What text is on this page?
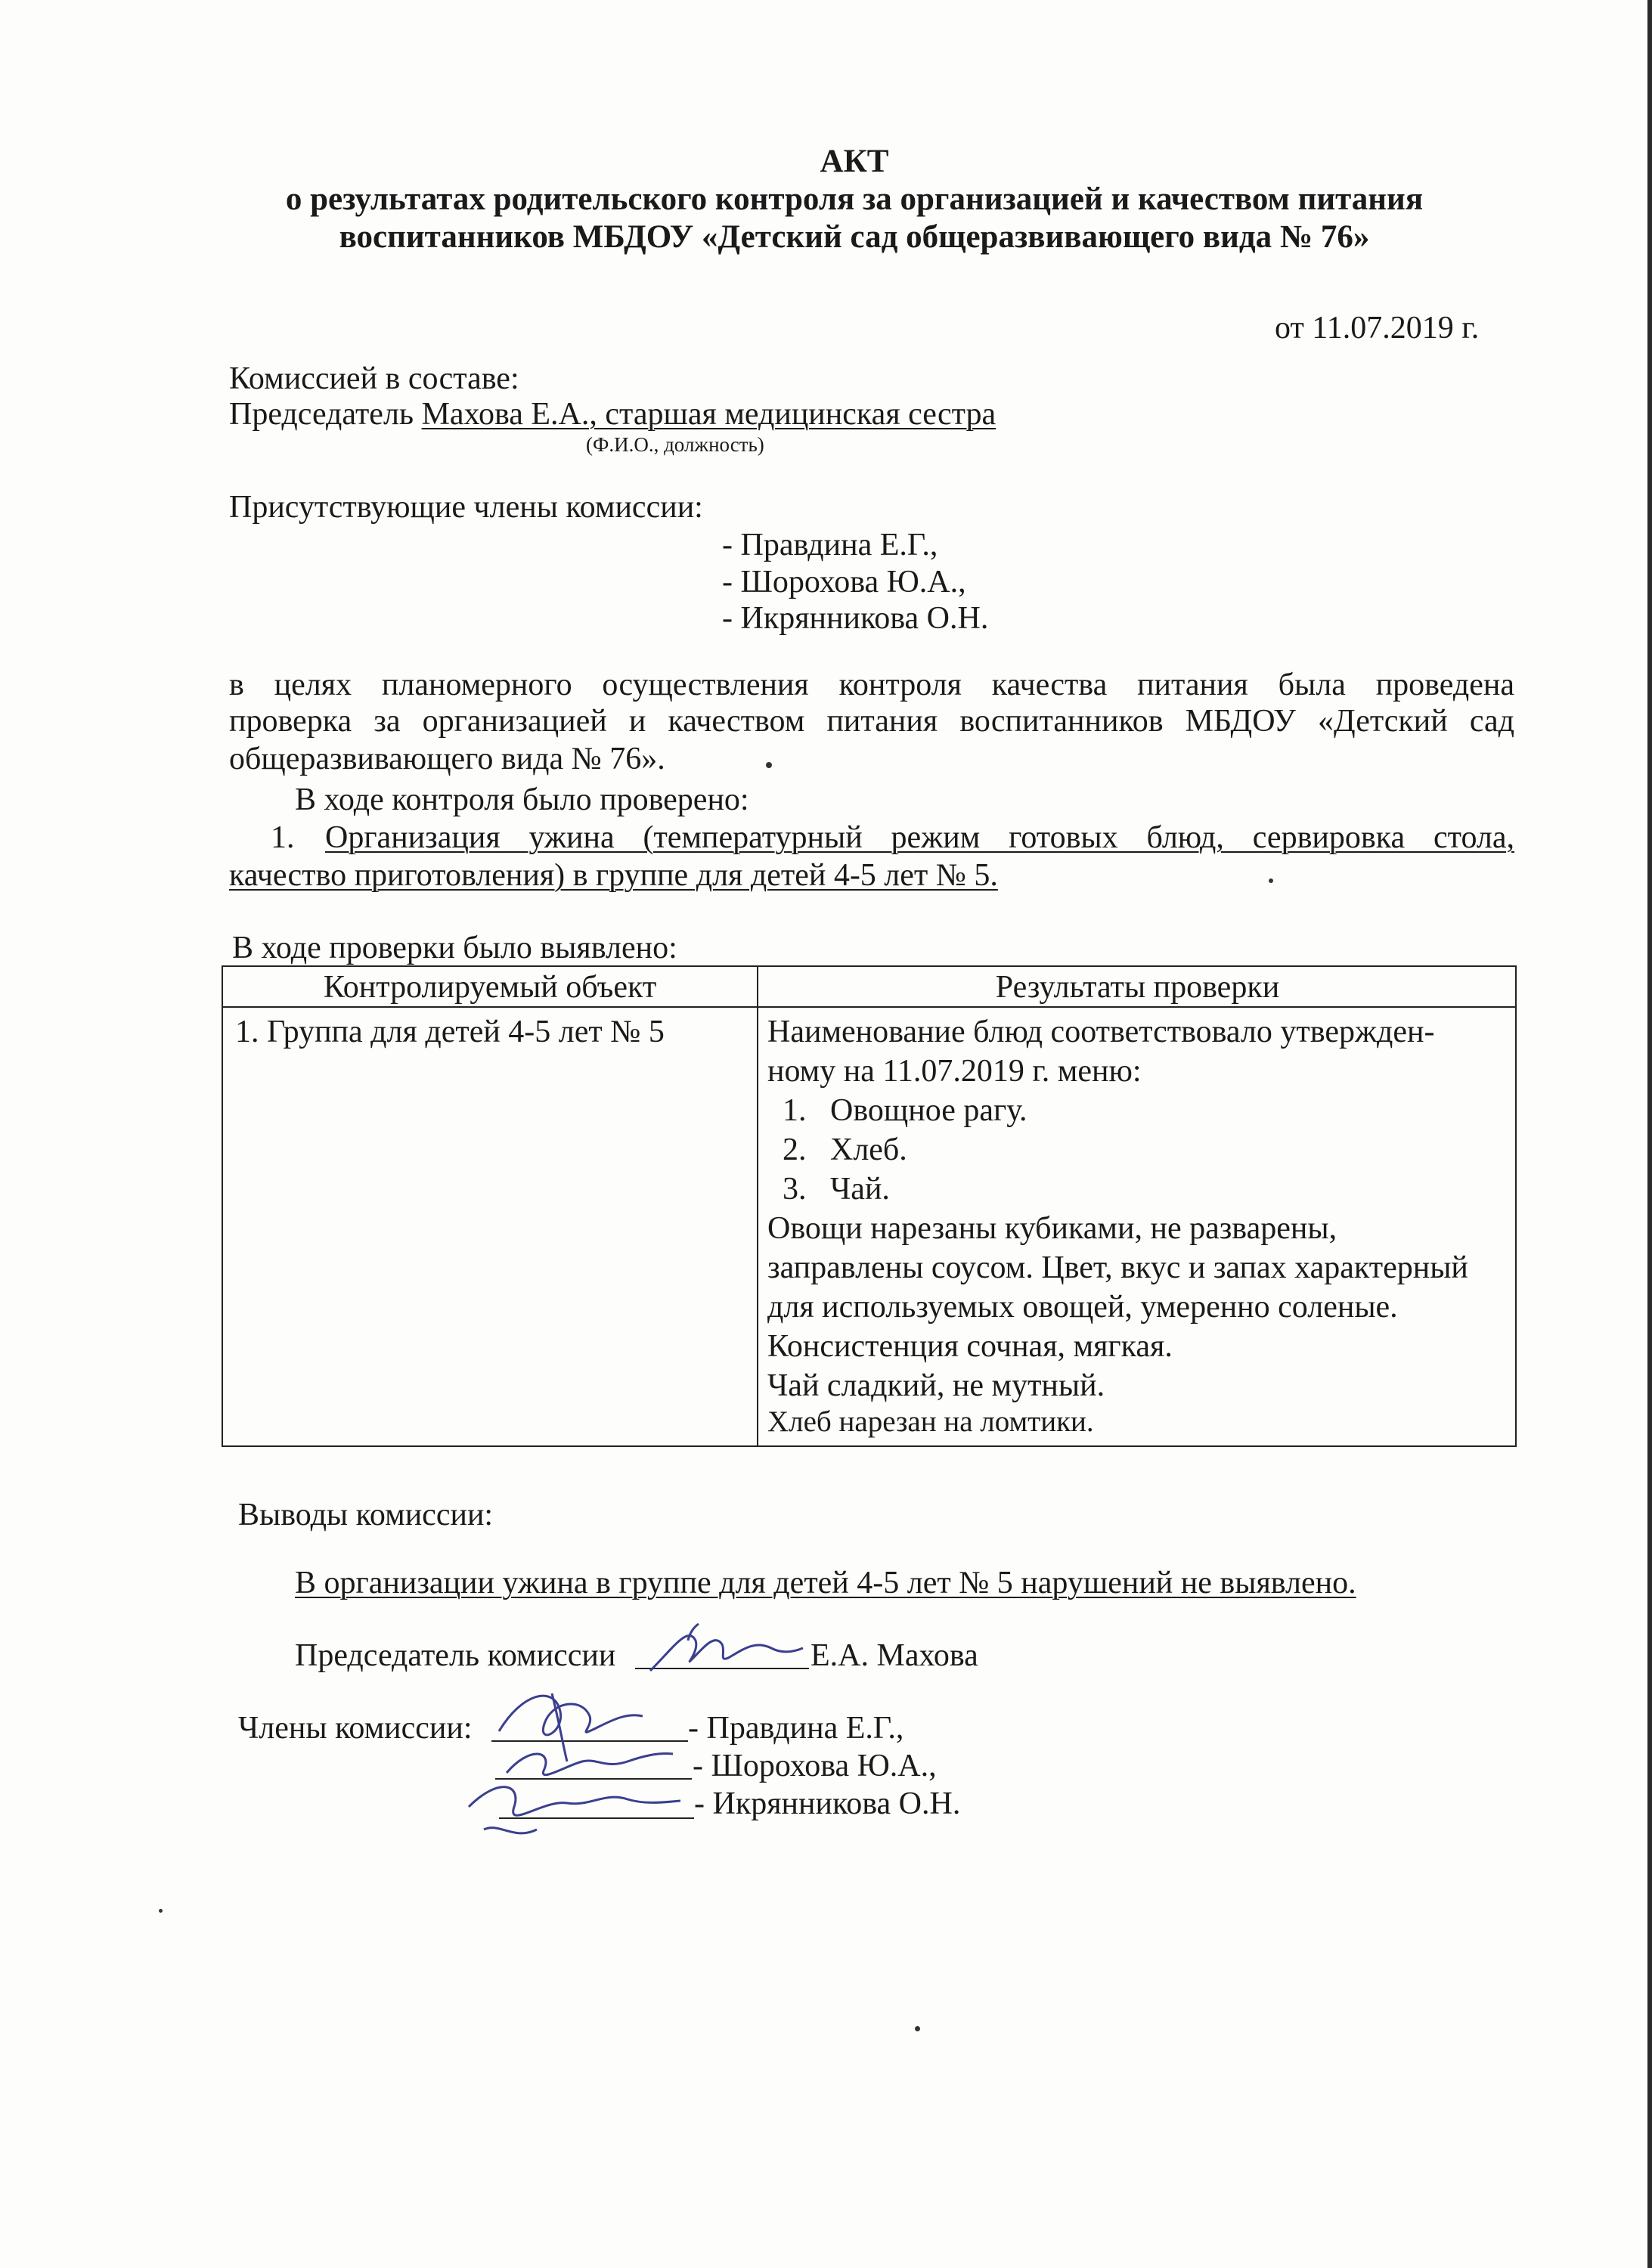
АКТ
о результатах родительского контроля за организацией и качеством питания
воспитанников МБДОУ «Детский сад общеразвивающего вида № 76»
от 11.07.2019 г.
Комиссией в составе:
Председатель Махова Е.А., старшая медицинская сестра
(Ф.И.О., должность)
Присутствующие члены комиссии:
- Правдина Е.Г.,
- Шорохова Ю.А.,
- Икрянникова О.Н.
в целях планомерного осуществления контроля качества питания была проведена
проверка за организацией и качеством питания воспитанников МБДОУ «Детский сад
общеразвивающего вида № 76».
В ходе контроля было проверено:
1. Организация ужина (температурный режим готовых блюд, сервировка стола,
качество приготовления) в группе для детей 4-5 лет № 5.
В ходе проверки было выявлено:
Контролируемый объект	Результаты проверки
1. Группа для детей 4-5 лет № 5	Наименование блюд соответствовало утвержден-
ному на 11.07.2019 г. меню:
1. Овощное рагу.
2. Хлеб.
3. Чай.
Овощи нарезаны кубиками, не разварены,
заправлены соусом. Цвет, вкус и запах характерный
для используемых овощей, умеренно соленые.
Консистенция сочная, мягкая.
Чай сладкий, не мутный.
Хлеб нарезан на ломтики.
Выводы комиссии:
В организации ужина в группе для детей 4-5 лет № 5 нарушений не выявлено.
Председатель комиссии	Е.А. Махова
Члены комиссии:	- Правдина Е.Г.,
- Шорохова Ю.А.,
- Икрянникова О.Н.
